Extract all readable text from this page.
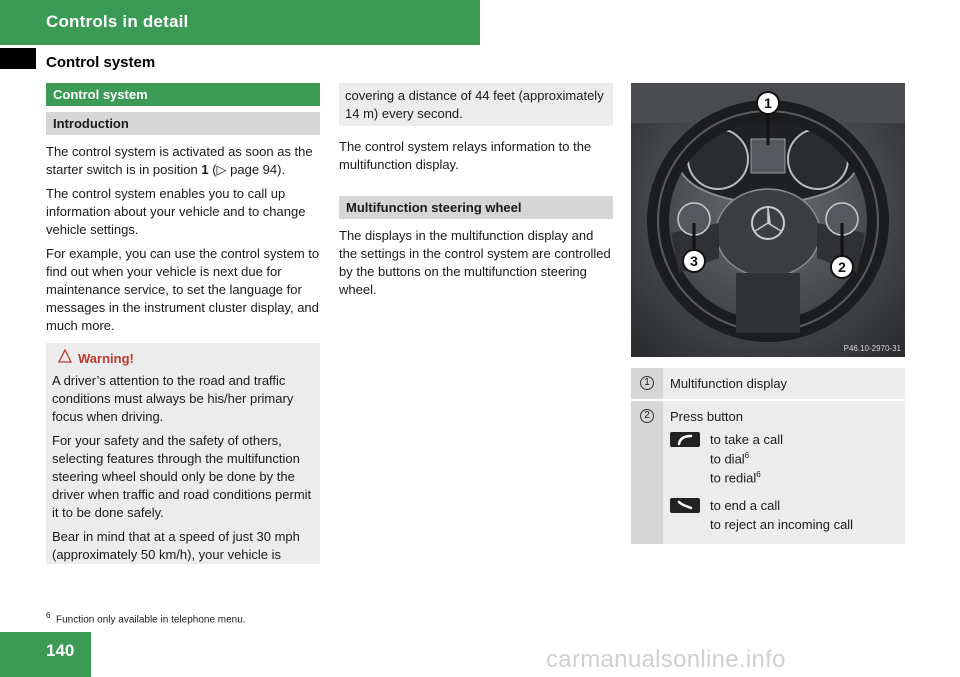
Controls in detail
Control system
Control system
Introduction

The control system is activated as soon as the starter switch is in position 1 (▷ page 94).

The control system enables you to call up information about your vehicle and to change vehicle settings.

For example, you can use the control system to find out when your vehicle is next due for maintenance service, to set the language for messages in the instrument cluster display, and much more.

Warning!

A driver’s attention to the road and traffic conditions must always be his/her primary focus when driving.

For your safety and the safety of others, selecting features through the multifunction steering wheel should only be done by the driver when traffic and road conditions permit it to be done safely.

Bear in mind that at a speed of just 30 mph (approximately 50 km/h), your vehicle is

covering a distance of 44 feet (approximately 14 m) every second.

The control system relays information to the multifunction display.

Multifunction steering wheel

The displays in the multifunction display and the settings in the control system are controlled by the buttons on the multifunction steering wheel.

1
3	2
P46.10-2970-31
1	Multifunction display
2	Press button
to take a call
to dial$^6$
to redial$^6$
to end a call
to reject an incoming call
$^6$ Function only available in telephone menu.
140	carmanualsonline.info
